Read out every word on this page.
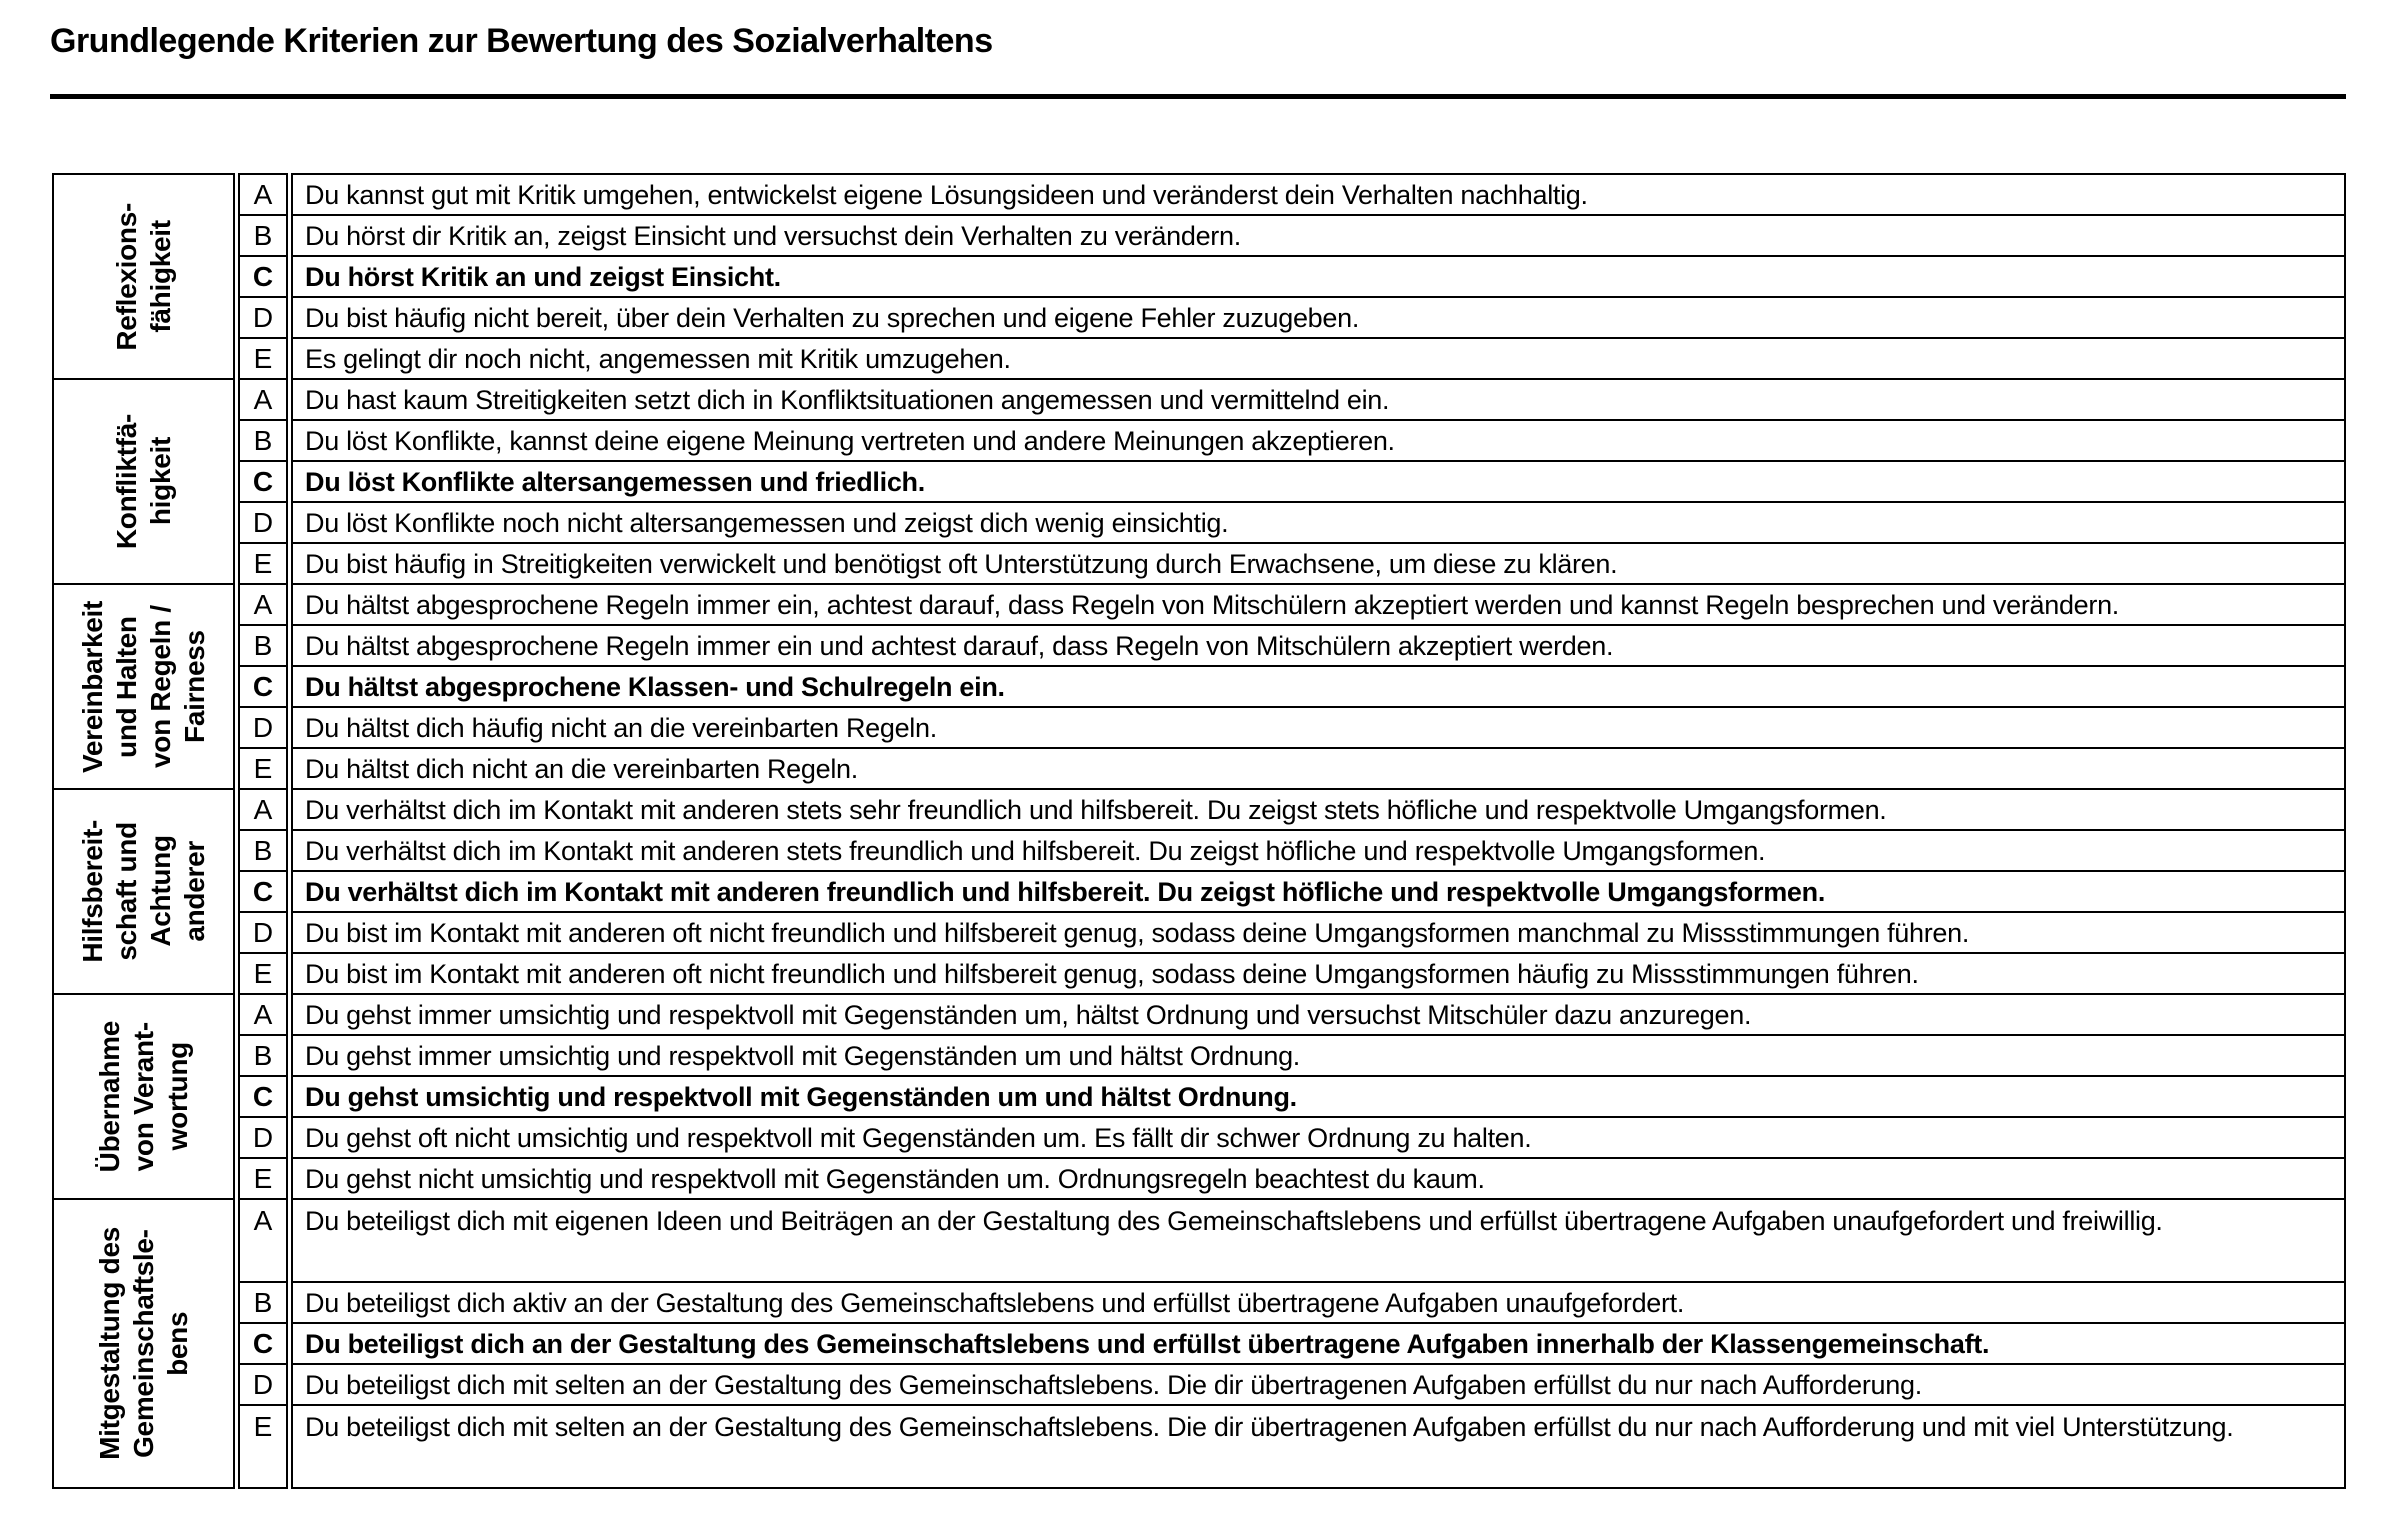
Grundlegende Kriterien zur Bewertung des Sozialverhaltens
Reflexions- fähigkeit
A	Du kannst gut mit Kritik umgehen, entwickelst eigene Lösungsideen und veränderst dein Verhalten nachhaltig.
B	Du hörst dir Kritik an, zeigst Einsicht und versuchst dein Verhalten zu verändern.
C	Du hörst Kritik an und zeigst Einsicht.
D	Du bist häufig nicht bereit, über dein Verhalten zu sprechen und eigene Fehler zuzugeben.
E	Es gelingt dir noch nicht, angemessen mit Kritik umzugehen.
Konfliktfä- higkeit
A	Du hast kaum Streitigkeiten setzt dich in Konfliktsituationen angemessen und vermittelnd ein.
B	Du löst Konflikte, kannst deine eigene Meinung vertreten und andere Meinungen akzeptieren.
C	Du löst Konflikte altersangemessen und friedlich.
D	Du löst Konflikte noch nicht altersangemessen und zeigst dich wenig einsichtig.
E	Du bist häufig in Streitigkeiten verwickelt und benötigst oft Unterstützung durch Erwachsene, um diese zu klären.
Vereinbarkeit und Halten von Regeln / Fairness
A	Du hältst abgesprochene Regeln immer ein, achtest darauf, dass Regeln von Mitschülern akzeptiert werden und kannst Regeln besprechen und verändern.
B	Du hältst abgesprochene Regeln immer ein und achtest darauf, dass Regeln von Mitschülern akzeptiert werden.
C	Du hältst abgesprochene Klassen- und Schulregeln ein.
D	Du hältst dich häufig nicht an die vereinbarten Regeln.
E	Du hältst dich nicht an die vereinbarten Regeln.
Hilfsbereit- schaft und Achtung anderer
A	Du verhältst dich im Kontakt mit anderen stets sehr freundlich und hilfsbereit. Du zeigst stets höfliche und respektvolle Umgangsformen.
B	Du verhältst dich im Kontakt mit anderen stets freundlich und hilfsbereit. Du zeigst höfliche und respektvolle Umgangsformen.
C	Du verhältst dich im Kontakt mit anderen freundlich und hilfsbereit. Du zeigst höfliche und respektvolle Umgangsformen.
D	Du bist im Kontakt mit anderen oft nicht freundlich und hilfsbereit genug, sodass deine Umgangsformen manchmal zu Missstimmungen führen.
E	Du bist im Kontakt mit anderen oft nicht freundlich und hilfsbereit genug, sodass deine Umgangsformen häufig zu Missstimmungen führen.
Übernahme von Verant- wortung
A	Du gehst immer umsichtig und respektvoll mit Gegenständen um, hältst Ordnung und versuchst Mitschüler dazu anzuregen.
B	Du gehst immer umsichtig und respektvoll mit Gegenständen um und hältst Ordnung.
C	Du gehst umsichtig und respektvoll mit Gegenständen um und hältst Ordnung.
D	Du gehst oft nicht umsichtig und respektvoll mit Gegenständen um. Es fällt dir schwer Ordnung zu halten.
E	Du gehst nicht umsichtig und respektvoll mit Gegenständen um. Ordnungsregeln beachtest du kaum.
Mitgestaltung des Gemeinschaftsle- bens
A	Du beteiligst dich mit eigenen Ideen und Beiträgen an der Gestaltung des Gemeinschaftslebens und erfüllst übertragene Aufgaben unaufgefordert und freiwillig.
B	Du beteiligst dich aktiv an der Gestaltung des Gemeinschaftslebens und erfüllst übertragene Aufgaben unaufgefordert.
C	Du beteiligst dich an der Gestaltung des Gemeinschaftslebens und erfüllst übertragene Aufgaben innerhalb der Klassengemeinschaft.
D	Du beteiligst dich mit selten an der Gestaltung des Gemeinschaftslebens. Die dir übertragenen Aufgaben erfüllst du nur nach Aufforderung.
E	Du beteiligst dich mit selten an der Gestaltung des Gemeinschaftslebens. Die dir übertragenen Aufgaben erfüllst du nur nach Aufforderung und mit viel Unterstützung.
